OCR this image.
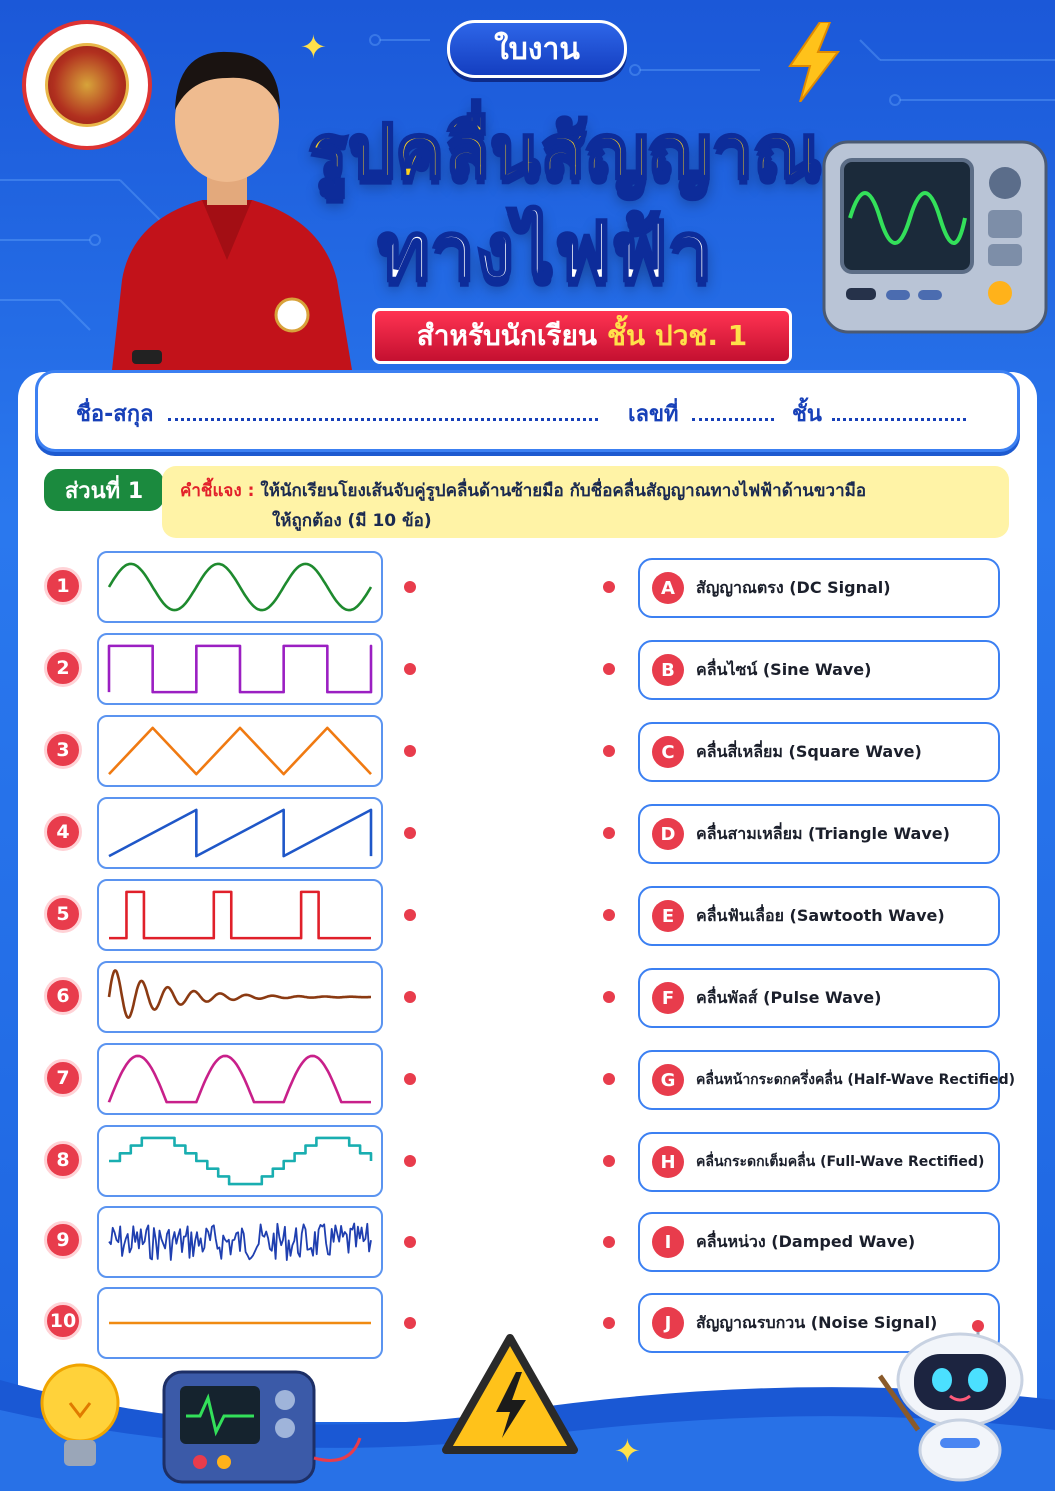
ใบงาน
รูปคลื่นสัญญาณ
ทางไฟฟ้า
สำหรับนักเรียน ชั้น ปวช. 1
✦
ชื่อ-สกุล	เลขที่	ชั้น
ส่วนที่ 1	คำชี้แจง : ให้นักเรียนโยงเส้นจับคู่รูปคลื่นด้านซ้ายมือ กับชื่อคลื่นสัญญาณทางไฟฟ้าด้านขวามือ
ให้ถูกต้อง (มี 10 ข้อ)
1
2
3
4
5
6
7
8
9
10
A	สัญญาณตรง (DC Signal)
B	คลื่นไซน์ (Sine Wave)
C	คลื่นสี่เหลี่ยม (Square Wave)
D	คลื่นสามเหลี่ยม (Triangle Wave)
E	คลื่นฟันเลื่อย (Sawtooth Wave)
F	คลื่นพัลส์ (Pulse Wave)
G	คลื่นหน้ากระดกครึ่งคลื่น (Half-Wave Rectified)
H	คลื่นกระดกเต็มคลื่น (Full-Wave Rectified)
I	คลื่นหน่วง (Damped Wave)
J	สัญญาณรบกวน (Noise Signal)
✦
